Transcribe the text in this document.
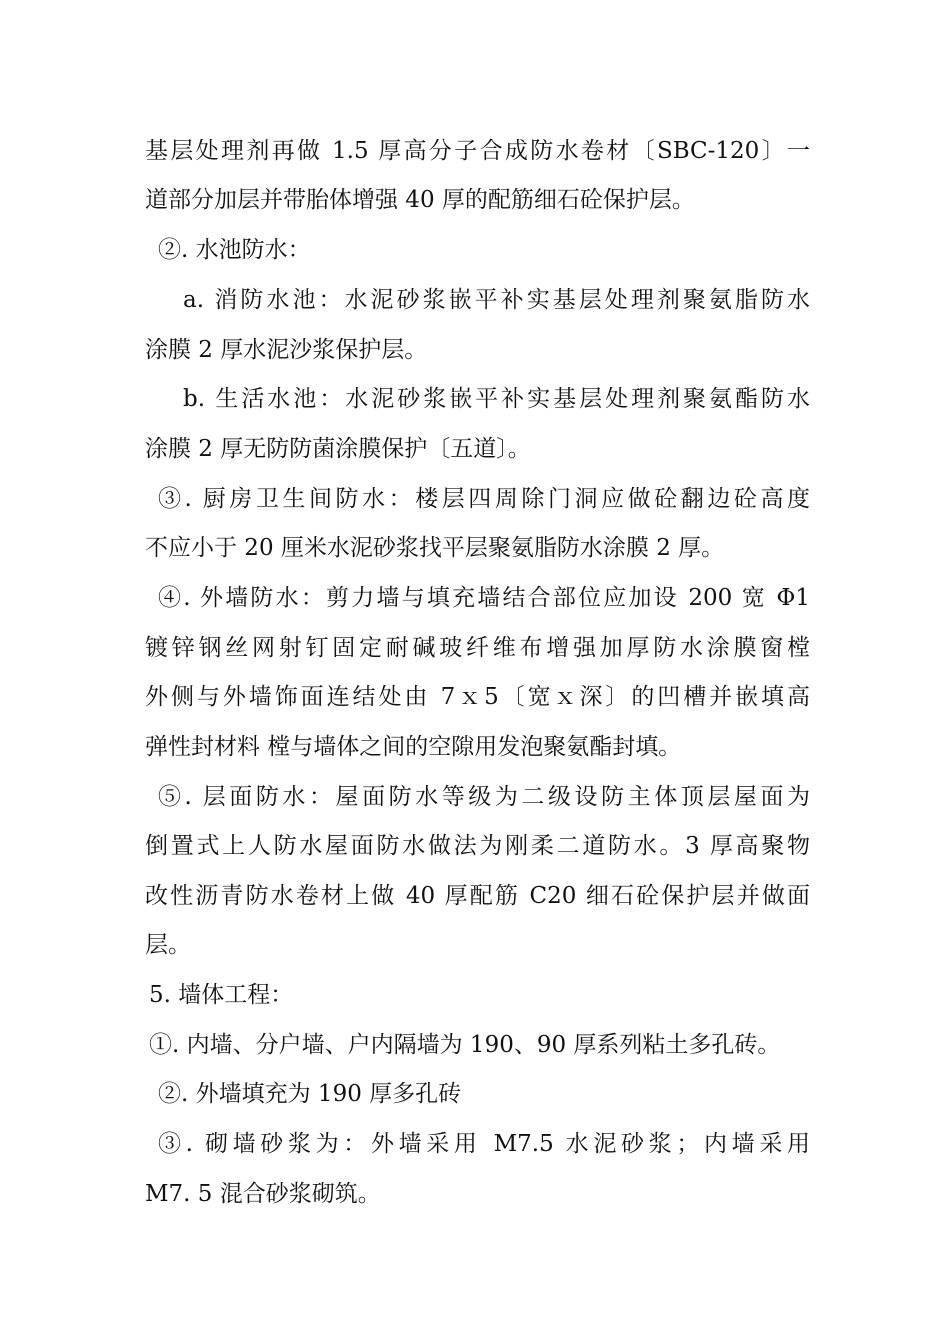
基层处理剂再做 1.5 厚高分子合成防水卷材〔SBC-120〕一
道部分加层并带胎体增强 40 厚的配筋细石砼保护层。
②. 水池防水：
a. 消防水池：水泥砂浆嵌平补实基层处理剂聚氨脂防水
涂膜 2 厚水泥沙浆保护层。
b. 生活水池：水泥砂浆嵌平补实基层处理剂聚氨酯防水
涂膜 2 厚无防防菌涂膜保护〔五道〕。
③. 厨房卫生间防水：楼层四周除门洞应做砼翻边砼高度
不应小于 20 厘米水泥砂浆找平层聚氨脂防水涂膜 2 厚。
④. 外墙防水：剪力墙与填充墙结合部位应加设 200 宽 Φ1
镀锌钢丝网射钉固定耐碱玻纤维布增强加厚防水涂膜窗樘
外侧与外墙饰面连结处由 7ｘ5〔宽ｘ深〕的凹槽并嵌填高
弹性封材料 樘与墙体之间的空隙用发泡聚氨酯封填。
⑤. 层面防水：屋面防水等级为二级设防主体顶层屋面为
倒置式上人防水屋面防水做法为刚柔二道防水。3 厚高聚物
改性沥青防水卷材上做 40 厚配筋 C20 细石砼保护层并做面
层。
5. 墙体工程：
①. 内墙、分户墙、户内隔墙为 190、90 厚系列粘土多孔砖。
②. 外墙填充为 190 厚多孔砖
③. 砌墙砂浆为：外墙采用 M7.5 水泥砂浆；内墙采用
M7. 5 混合砂浆砌筑。
